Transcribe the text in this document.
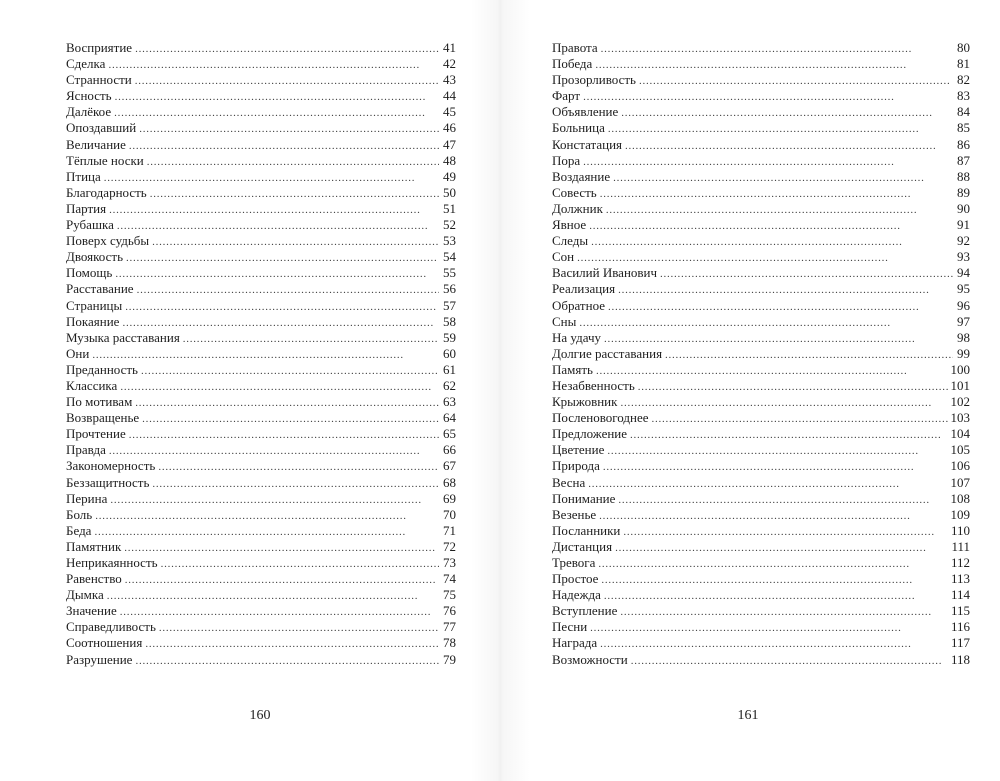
Восприятие . . .	41
Сделка . . .	42
Странности . . .	43
Ясность . . .	44
Далёкое . . .	45
Опоздавший . . .	46
Величание . . .	47
Тёплые носки . . .	48
Птица . . .	49
Благодарность . . .	50
Партия . . .	51
Рубашка . . .	52
Поверх судьбы . . .	53
Двоякость . . .	54
Помощь . . .	55
Расставание . . .	56
Страницы . . .	57
Покаяние . . .	58
Музыка расставания . . .	59
Они . . .	60
Преданность . . .	61
Классика . . .	62
По мотивам . . .	63
Возвращенье . . .	64
Прочтение . . .	65
Правда . . .	66
Закономерность . . .	67
Беззащитность . . .	68
Перина . . .	69
Боль . . .	70
Беда . . .	71
Памятник . . .	72
Неприкаянность . . .	73
Равенство . . .	74
Дымка . . .	75
Значение . . .	76
Справедливость . . .	77
Соотношения . . .	78
Разрушение . . .	79
160
Правота . . .	80
Победа . . .	81
Прозорливость . . .	82
Фарт . . .	83
Объявление . . .	84
Больница . . .	85
Констатация . . .	86
Пора . . .	87
Воздаяние . . .	88
Совесть . . .	89
Должник . . .	90
Явное . . .	91
Следы . . .	92
Сон . . .	93
Василий Иванович . . .	94
Реализация . . .	95
Обратное . . .	96
Сны . . .	97
На удачу . . .	98
Долгие расставания . . .	99
Память . . .	100
Незабвенность . . .	101
Крыжовник . . .	102
Посленовогоднее . . .	103
Предложение . . .	104
Цветение . . .	105
Природа . . .	106
Весна . . .	107
Понимание . . .	108
Везенье . . .	109
Посланники . . .	110
Дистанция . . .	111
Тревога . . .	112
Простое . . .	113
Надежда . . .	114
Вступление . . .	115
Песни . . .	116
Награда . . .	117
Возможности . . .	118
161
